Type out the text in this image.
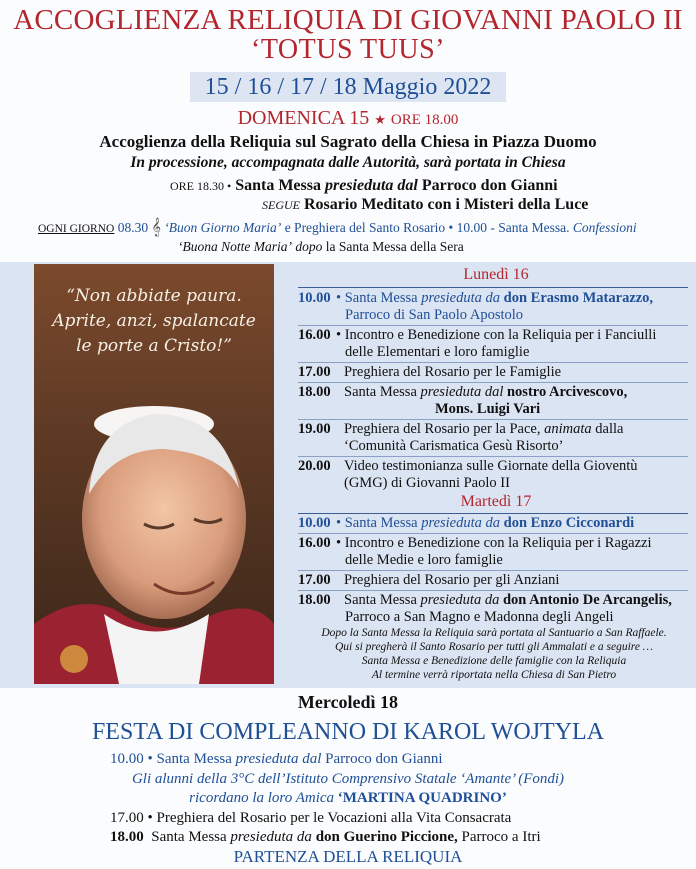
ACCOGLIENZA RELIQUIA DI GIOVANNI PAOLO II
‘TOTUS TUUS’
15 / 16 / 17 / 18 Maggio 2022
DOMENICA 15 ★ ORE 18.00
Accoglienza della Reliquia sul Sagrato della Chiesa in Piazza Duomo
In processione, accompagnata dalle Autorità, sarà portata in Chiesa
ORE 18.30 • Santa Messa presieduta dal Parroco don Gianni
SEGUE Rosario Meditato con i Misteri della Luce
OGNI GIORNO 08.30 𝄞 ‘Buon Giorno Maria’ e Preghiera del Santo Rosario • 10.00 - Santa Messa. Confessioni
‘Buona Notte Maria’ dopo la Santa Messa della Sera
“Non abbiate paura.
Aprite, anzi, spalancate
le porte a Cristo!”
Lunedì 16
10.00 • Santa Messa presieduta da don Erasmo Matarazzo,
Parroco di San Paolo Apostolo
16.00 • Incontro e Benedizione con la Reliquia per i Fanciulli
delle Elementari e loro famiglie
17.00 Preghiera del Rosario per le Famiglie
18.00 Santa Messa presieduta dal nostro Arcivescovo,
Mons. Luigi Vari
19.00 Preghiera del Rosario per la Pace, animata dalla
‘Comunità Carismatica Gesù Risorto’
20.00 Video testimonianza sulle Giornate della Gioventù
(GMG) di Giovanni Paolo II
Martedì 17
10.00 • Santa Messa presieduta da don Enzo Cicconardi
16.00 • Incontro e Benedizione con la Reliquia per i Ragazzi
delle Medie e loro famiglie
17.00 Preghiera del Rosario per gli Anziani
18.00 Santa Messa presieduta da don Antonio De Arcangelis,
Parroco a San Magno e Madonna degli Angeli
Dopo la Santa Messa la Reliquia sarà portata al Santuario a San Raffaele.
Qui si pregherà il Santo Rosario per tutti gli Ammalati e a seguire …
Santa Messa e Benedizione delle famiglie con la Reliquia
Al termine verrà riportata nella Chiesa di San Pietro
Mercoledì 18
FESTA DI COMPLEANNO DI KAROL WOJTYLA
10.00 • Santa Messa presieduta dal Parroco don Gianni
Gli alunni della 3°C dell’Istituto Comprensivo Statale ‘Amante’ (Fondi)
ricordano la loro Amica ‘MARTINA QUADRINO’
17.00 • Preghiera del Rosario per le Vocazioni alla Vita Consacrata
18.00 Santa Messa presieduta da don Guerino Piccione, Parroco a Itri
PARTENZA DELLA RELIQUIA
